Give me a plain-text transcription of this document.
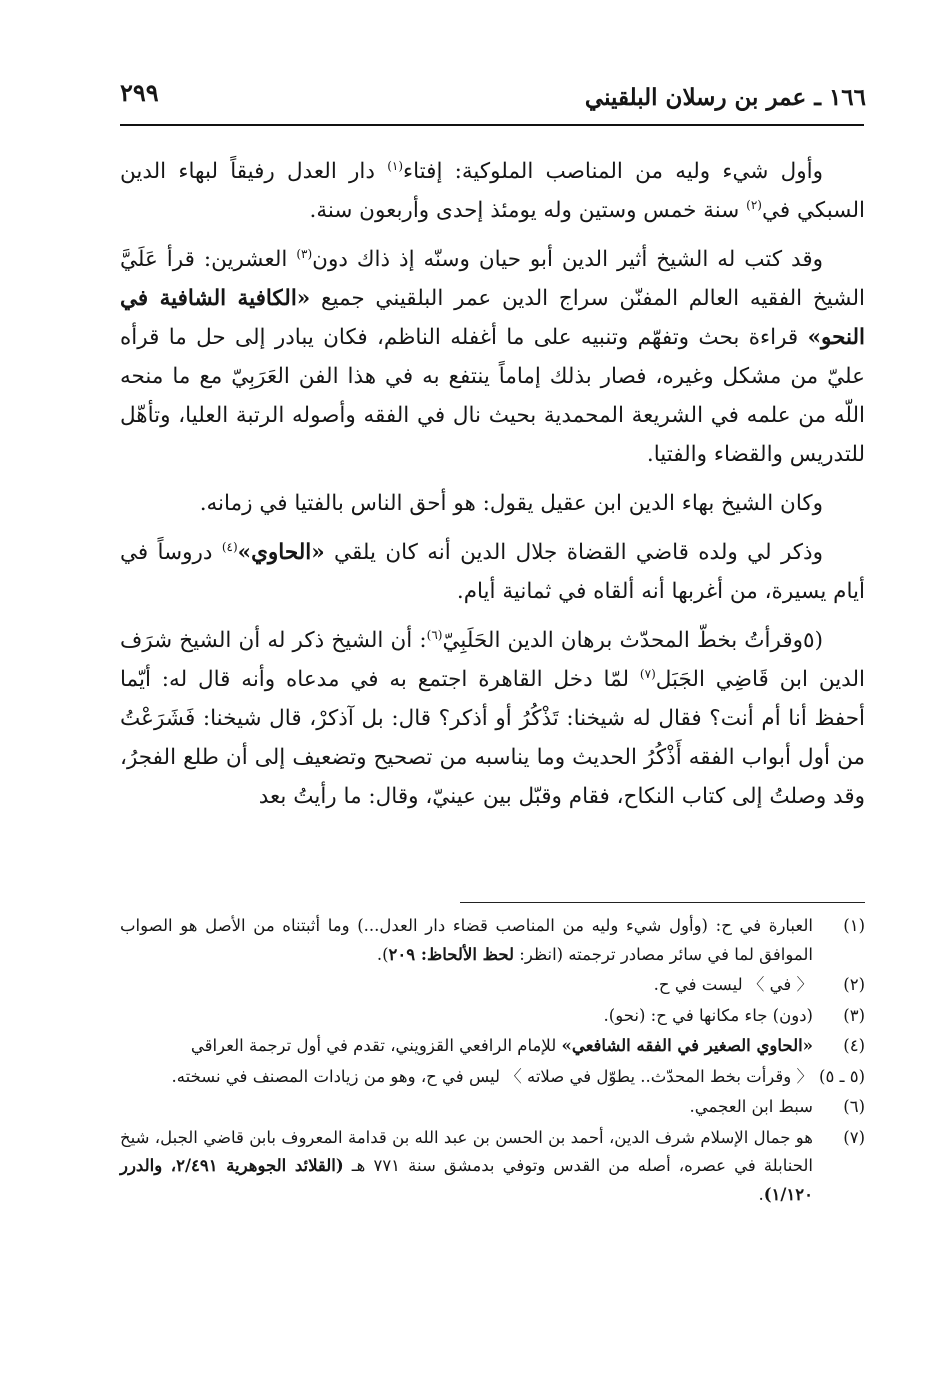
١٦٦ ـ عمر بن رسلان البلقيني
٢٩٩

وأول شيء وليه من المناصب الملوكية: إفتاء$^{(١)}$ دار العدل رفيقاً لبهاء الدين السبكي في$^{(٢)}$ سنة خمس وستين وله يومئذ إحدى وأربعون سنة.

وقد كتب له الشيخ أثير الدين أبو حيان وسنّه إذ ذاك دون$^{(٣)}$ العشرين: قرأ عَلَيَّ الشيخ الفقيه العالم المفنّن سراج الدين عمر البلقيني جميع «الكافية الشافية في النحو» قراءة بحث وتفهّم وتنبيه على ما أغفله الناظم، فكان يبادر إلى حل ما قرأه عليّ من مشكل وغيره، فصار بذلك إماماً ينتفع به في هذا الفن العَرَبِيّ مع ما منحه اللّه من علمه في الشريعة المحمدية بحيث نال في الفقه وأصوله الرتبة العليا، وتأهّل للتدريس والقضاء والفتيا.

وكان الشيخ بهاء الدين ابن عقيل يقول: هو أحق الناس بالفتيا في زمانه.

وذكر لي ولده قاضي القضاة جلال الدين أنه كان يلقي «الحاوي»$^{(٤)}$ دروساً في أيام يسيرة، من أغربها أنه ألقاه في ثمانية أيام.

(٥وقرأتُ بخطّ المحدّث برهان الدين الحَلَبِيّ$^{(٦)}$: أن الشيخ ذكر له أن الشيخ شرَف الدين ابن قَاضِي الجَبَل$^{(٧)}$ لمّا دخل القاهرة اجتمع به في مدعاه وأنه قال له: أيّما أحفظ أنا أم أنت؟ فقال له شيخنا: تَذْكُرُ أو أذكر؟ قال: بل آذكرْ، قال شيخنا: فَشَرَعْتُ من أول أبواب الفقه أَذْكُرُ الحديث وما يناسبه من تصحيح وتضعيف إلى أن طلع الفجرُ، وقد وصلتُ إلى كتاب النكاح، فقام وقبّل بين عينيّ، وقال: ما رأيتُ بعد

(١)
العبارة في ح: (وأول شيء وليه من المناصب قضاء دار العدل...) وما أثبتناه من الأصل هو الصواب الموافق لما في سائر مصادر ترجمته (انظر: لحظ الألحاظ: ٢٠٩).
(٢)
〈 في 〉 ليست في ح.
(٣)
(دون) جاء مكانها في ح: (نحو).
(٤)
«الحاوي الصغير في الفقه الشافعي» للإمام الرافعي القزويني، تقدم في أول ترجمة العراقي
(٥ ـ ٥)
〈 وقرأت بخط المحدّث.. يطوّل في صلاته 〉 ليس في ح، وهو من زيادات المصنف في نسخته.
(٦)
سبط ابن العجمي.
(٧)
هو جمال الإسلام شرف الدين، أحمد بن الحسن بن عبد الله بن قدامة المعروف بابن قاضي الجبل، شيخ الحنابلة في عصره، أصله من القدس وتوفي بدمشق سنة ٧٧١ هـ (القلائد الجوهرية ٢/٤٩١، والدرر ١/١٢٠).
